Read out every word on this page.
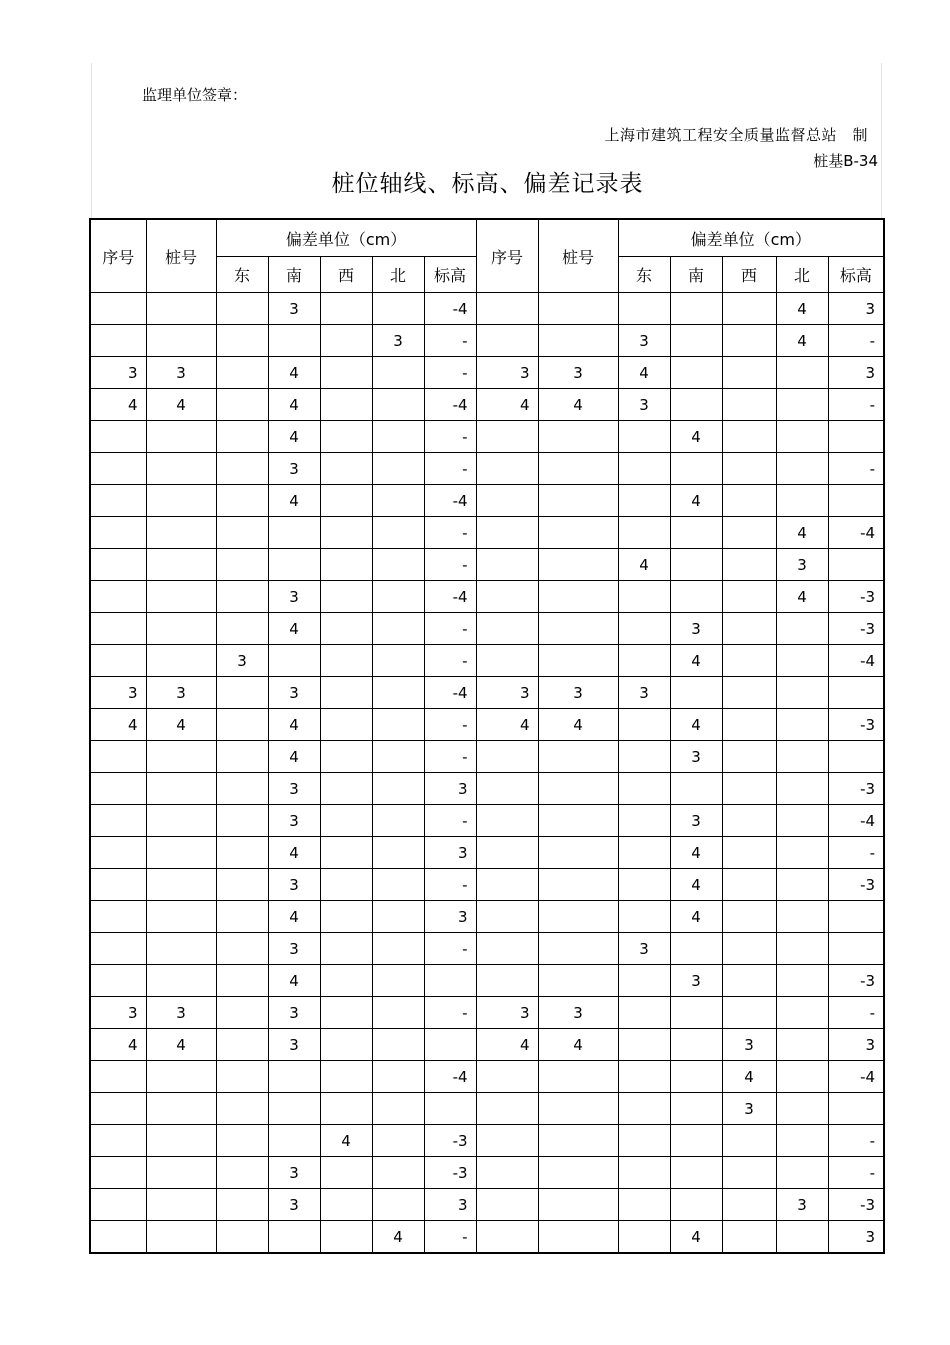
监理单位签章：
上海市建筑工程安全质量监督总站　制
桩基B-34
桩位轴线、标高、偏差记录表
序号	桩号	偏差单位（cm）					序号	桩号	偏差单位（cm）				
		东	南	西	北	标高			东	南	西	北	标高
			3			-4						4	3
					3	-			3			4	-
3	3		4			-	3	3	4				3
4	4		4			-4	4	4	3				-
			4			-				4			
			3			-							-
			4			-4				4			
						-						4	-4
						-			4			3	
			3			-4						4	-3
			4			-				3			-3
		3				-				4			-4
3	3		3			-4	3	3	3				
4	4		4			-	4	4		4			-3
			4			-				3			
			3			3							-3
			3			-				3			-4
			4			3				4			-
			3			-				4			-3
			4			3				4			
			3			-			3				
			4							3			-3
3	3		3			-	3	3					-
4	4		3				4	4			3		3
						-4					4		-4
											3		
				4		-3							-
			3			-3							-
			3			3						3	-3
					4	-				4			3
